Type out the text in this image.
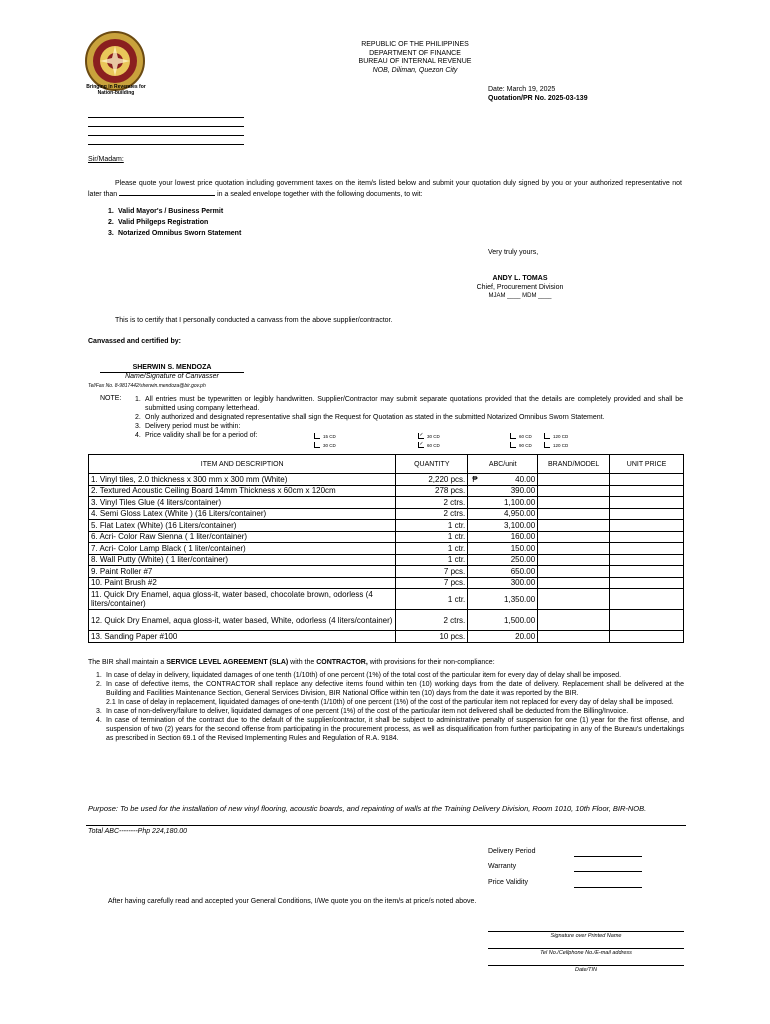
Bringing in Revenues for Nation-building
REPUBLIC OF THE PHILIPPINES
DEPARTMENT OF FINANCE
BUREAU OF INTERNAL REVENUE
NOB, Diliman, Quezon City
Date: March 19, 2025
Quotation/PR No. 2025-03-139
Sir/Madam:
Please quote your lowest price quotation including government taxes on the item/s listed below and submit your quotation duly signed by you or your authorized representative not later than	in a sealed envelope together with the following documents, to wit:
1. Valid Mayor's / Business Permit
2. Valid Philgeps Registration
3. Notarized Omnibus Sworn Statement
Very truly yours,
ANDY L. TOMAS
Chief, Procurement Division
MJAM ____ MDM ____
This is to certify that I personally conducted a canvass from the above supplier/contractor.
Canvassed and certified by:
SHERWIN S. MENDOZA
Name/Signature of Canvasser
Tel/Fax No. 8-9817442/sherwin.mendoza@bir.gov.ph
NOTE: 1. All entries must be typewritten or legibly handwritten. Supplier/Contractor may submit separate quotations provided that the details are completely provided and shall be submitted using company letterhead.
2. Only authorized and designated representative shall sign the Request for Quotation as stated in the submitted Notarized Omnibus Sworn Statement.
3. Delivery period must be within:
4. Price validity shall be for a period of:	15 CD	✓ 30 CD	60 CD	120 CD
30 CD	✓ 60 CD	90 CD	120 CD
ITEM AND DESCRIPTION	QUANTITY	ABC/unit	BRAND/MODEL	UNIT PRICE
1. Vinyl tiles, 2.0 thickness x 300 mm x 300 mm (White)	2,220 pcs.	₱ 40.00		
2. Textured Acoustic Ceiling Board 14mm Thickness x 60cm x 120cm	278 pcs.	390.00		
3. Vinyl Tiles Glue (4 liters/container)	2 ctrs.	1,100.00		
4. Semi Gloss Latex (White ) (16 Liters/container)	2 ctrs.	4,950.00		
5. Flat Latex (White) (16 Liters/container)	1 ctr.	3,100.00		
6. Acri- Color Raw Sienna ( 1 liter/container)	1 ctr.	160.00		
7. Acri- Color Lamp Black ( 1 liter/container)	1 ctr.	150.00		
8. Wall Putty (White) ( 1 liter/container)	1 ctr.	250.00		
9. Paint Roller #7	7 pcs.	650.00		
10. Paint Brush #2	7 pcs.	300.00		
11. Quick Dry Enamel, aqua gloss-it, water based, chocolate brown, odorless (4 liters/container)	1 ctr.	1,350.00		
12. Quick Dry Enamel, aqua gloss-it, water based, White, odorless (4 liters/container)	2 ctrs.	1,500.00		
13. Sanding Paper #100	10 pcs.	20.00		
The BIR shall maintain a SERVICE LEVEL AGREEMENT (SLA) with the CONTRACTOR, with provisions for their non-compliance:
1. In case of delay in delivery, liquidated damages of one tenth (1/10th) of one percent (1%) of the total cost of the particular item for every day of delay shall be imposed.
2. In case of defective items, the CONTRACTOR shall replace any defective items found within ten (10) working days from the date of delivery. Replacement shall be delivered at the Building and Facilities Maintenance Section, General Services Division, BIR National Office within ten (10) days from the date it was reported by the BIR.
2.1 In case of delay in replacement, liquidated damages of one-tenth (1/10th) of one percent (1%) of the cost of the particular item not replaced for every day of delay shall be imposed.
3. In case of non-delivery/failure to deliver, liquidated damages of one percent (1%) of the cost of the particular item not delivered shall be deducted from the Billing/Invoice.
4. In case of termination of the contract due to the default of the supplier/contractor, it shall be subject to administrative penalty of suspension for one (1) year for the first offense, and suspension of two (2) years for the second offense from participating in the procurement process, as well as disqualification from further participating in any of the Bureau's undertakings as prescribed in Section 69.1 of the Revised Implementing Rules and Regulation of R.A. 9184.
Purpose: To be used for the installation of new vinyl flooring, acoustic boards, and repainting of walls at the Training Delivery Division, Room 1010, 10th Floor, BIR-NOB.
Total ABC--------Php 224,180.00
Delivery Period
Warranty
Price Validity
After having carefully read and accepted your General Conditions, I/We quote you on the item/s at price/s noted above.
Signature over Printed Name
Tel No./Cellphone No./E-mail address
Date/TIN
